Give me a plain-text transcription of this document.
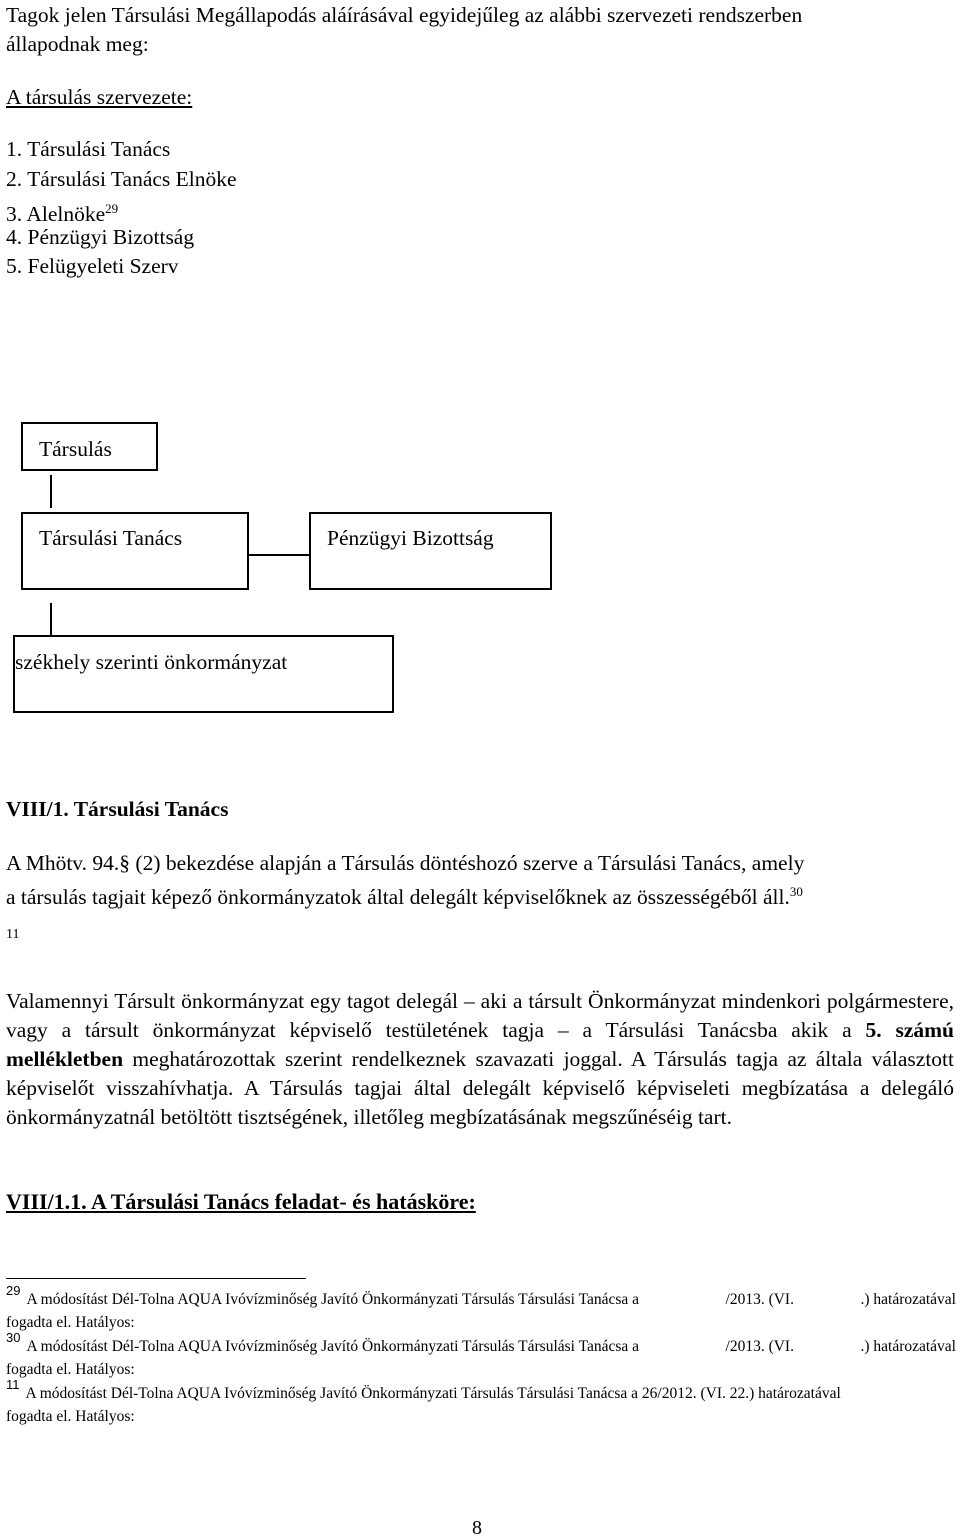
Tagok jelen Társulási Megállapodás aláírásával egyidejűleg az alábbi szervezeti rendszerben
állapodnak meg:
A társulás szervezete:
1. Társulási Tanács
2. Társulási Tanács Elnöke
3. Alelnöke$^{29}$
4. Pénzügyi Bizottság
5. Felügyeleti Szerv
Társulás
Társulási Tanács	Pénzügyi Bizottság
székhely szerinti önkormányzat
VIII/1. Társulási Tanács
A Mhötv. 94.§ (2) bekezdése alapján a Társulás döntéshozó szerve a Társulási Tanács, amely
a társulás tagjait képező önkormányzatok által delegált képviselőknek az összességéből áll.$^{30}$
11
Valamennyi Társult önkormányzat egy tagot delegál – aki a társult Önkormányzat mindenkori polgármestere, vagy a társult önkormányzat képviselő testületének tagja – a Társulási Tanácsba akik a 5. számú mellékletben meghatározottak szerint rendelkeznek szavazati joggal. A Társulás tagja az általa választott képviselőt visszahívhatja. A Társulás tagjai által delegált képviselő képviseleti megbízatása a delegáló önkormányzatnál betöltött tisztségének, illetőleg megbízatásának megszűnéséig tart.
VIII/1.1. A Társulási Tanács feladat- és hatásköre:
$^{29}$A módosítást Dél-Tolna AQUA Ivóvízminőség Javító Önkormányzati Társulás Társulási Tanácsa a	/2013. (VI.	.) határozatával
fogadta el. Hatályos:
$^{30}$A módosítást Dél-Tolna AQUA Ivóvízminőség Javító Önkormányzati Társulás Társulási Tanácsa a	/2013. (VI.	.) határozatával
fogadta el. Hatályos:
$^{11}$A módosítást Dél-Tolna AQUA Ivóvízminőség Javító Önkormányzati Társulás Társulási Tanácsa a 26/2012. (VI. 22.) határozatával
fogadta el. Hatályos:
8
